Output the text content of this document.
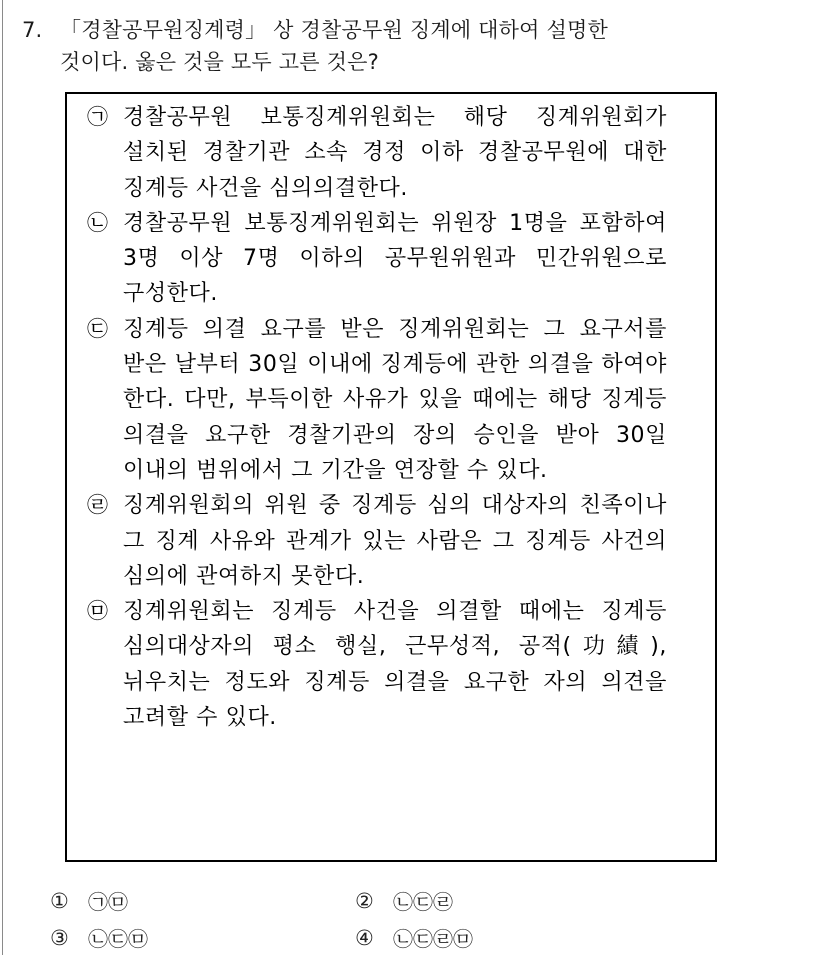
7. 「경찰공무원징계령」 상 경찰공무원 징계에 대하여 설명한
것이다. 옳은 것을 모두 고른 것은?
㉠ 경찰공무원 보통징계위원회는 해당 징계위원회가 설치된 경찰기관 소속 경정 이하 경찰공무원에 대한 징계등 사건을 심의의결한다.
㉡ 경찰공무원 보통징계위원회는 위원장 1명을 포함하여 3명 이상 7명 이하의 공무원위원과 민간위원으로 구성한다.
㉢ 징계등 의결 요구를 받은 징계위원회는 그 요구서를 받은 날부터 30일 이내에 징계등에 관한 의결을 하여야 한다. 다만, 부득이한 사유가 있을 때에는 해당 징계등 의결을 요구한 경찰기관의 장의 승인을 받아 30일 이내의 범위에서 그 기간을 연장할 수 있다.
㉣ 징계위원회의 위원 중 징계등 심의 대상자의 친족이나 그 징계 사유와 관계가 있는 사람은 그 징계등 사건의 심의에 관여하지 못한다.
㉤ 징계위원회는 징계등 사건을 의결할 때에는 징계등 심의대상자의 평소 행실, 근무성적, 공적(功績), 뉘우치는 정도와 징계등 의결을 요구한 자의 의견을 고려할 수 있다.
① ㉠㉤	② ㉡㉢㉣
③ ㉡㉢㉤	④ ㉡㉢㉣㉤
